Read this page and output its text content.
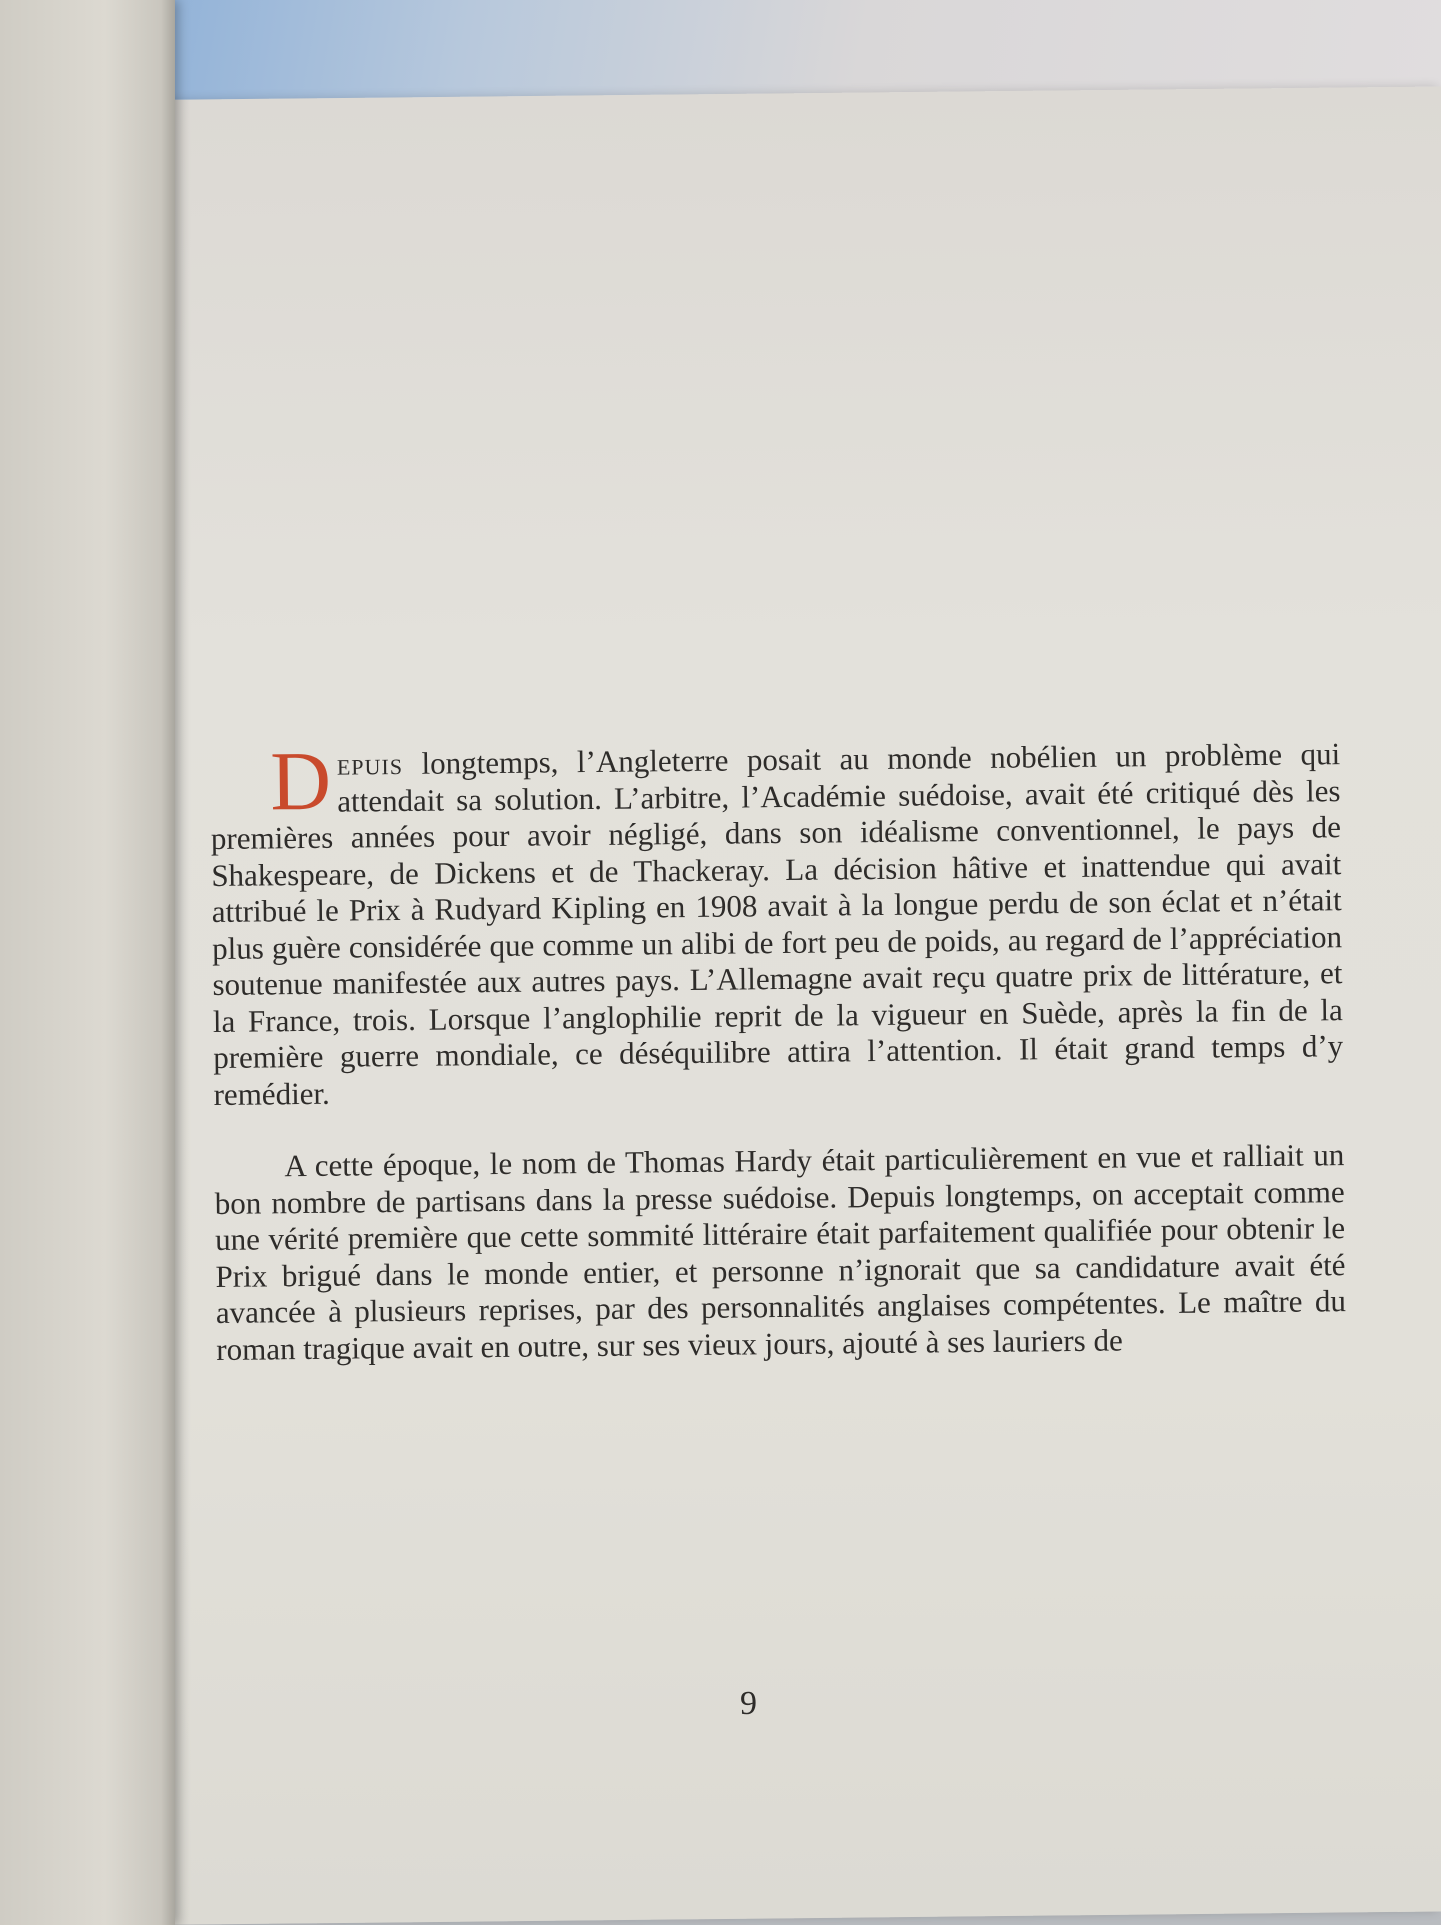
Depuis longtemps, l’Angleterre posait au monde nobélien un problème qui attendait sa solution. L’arbitre, l’Académie suédoise, avait été critiqué dès les premières années pour avoir négligé, dans son idéalisme conventionnel, le pays de Shakespeare, de Dickens et de Thackeray. La décision hâtive et inattendue qui avait attribué le Prix à Rudyard Kipling en 1908 avait à la longue perdu de son éclat et n’était plus guère considérée que comme un alibi de fort peu de poids, au regard de l’appréciation soutenue manifestée aux autres pays. L’Allemagne avait reçu quatre prix de littérature, et la France, trois. Lorsque l’anglophilie reprit de la vigueur en Suède, après la fin de la première guerre mondiale, ce déséquilibre attira l’attention. Il était grand temps d’y remédier.

A cette époque, le nom de Thomas Hardy était particulièrement en vue et ralliait un bon nombre de partisans dans la presse suédoise. Depuis longtemps, on acceptait comme une vérité première que cette sommité littéraire était parfaitement qualifiée pour obtenir le Prix brigué dans le monde entier, et personne n’ignorait que sa candidature avait été avancée à plusieurs reprises, par des personnalités anglaises compétentes. Le maître du roman tragique avait en outre, sur ses vieux jours, ajouté à ses lauriers de

9
